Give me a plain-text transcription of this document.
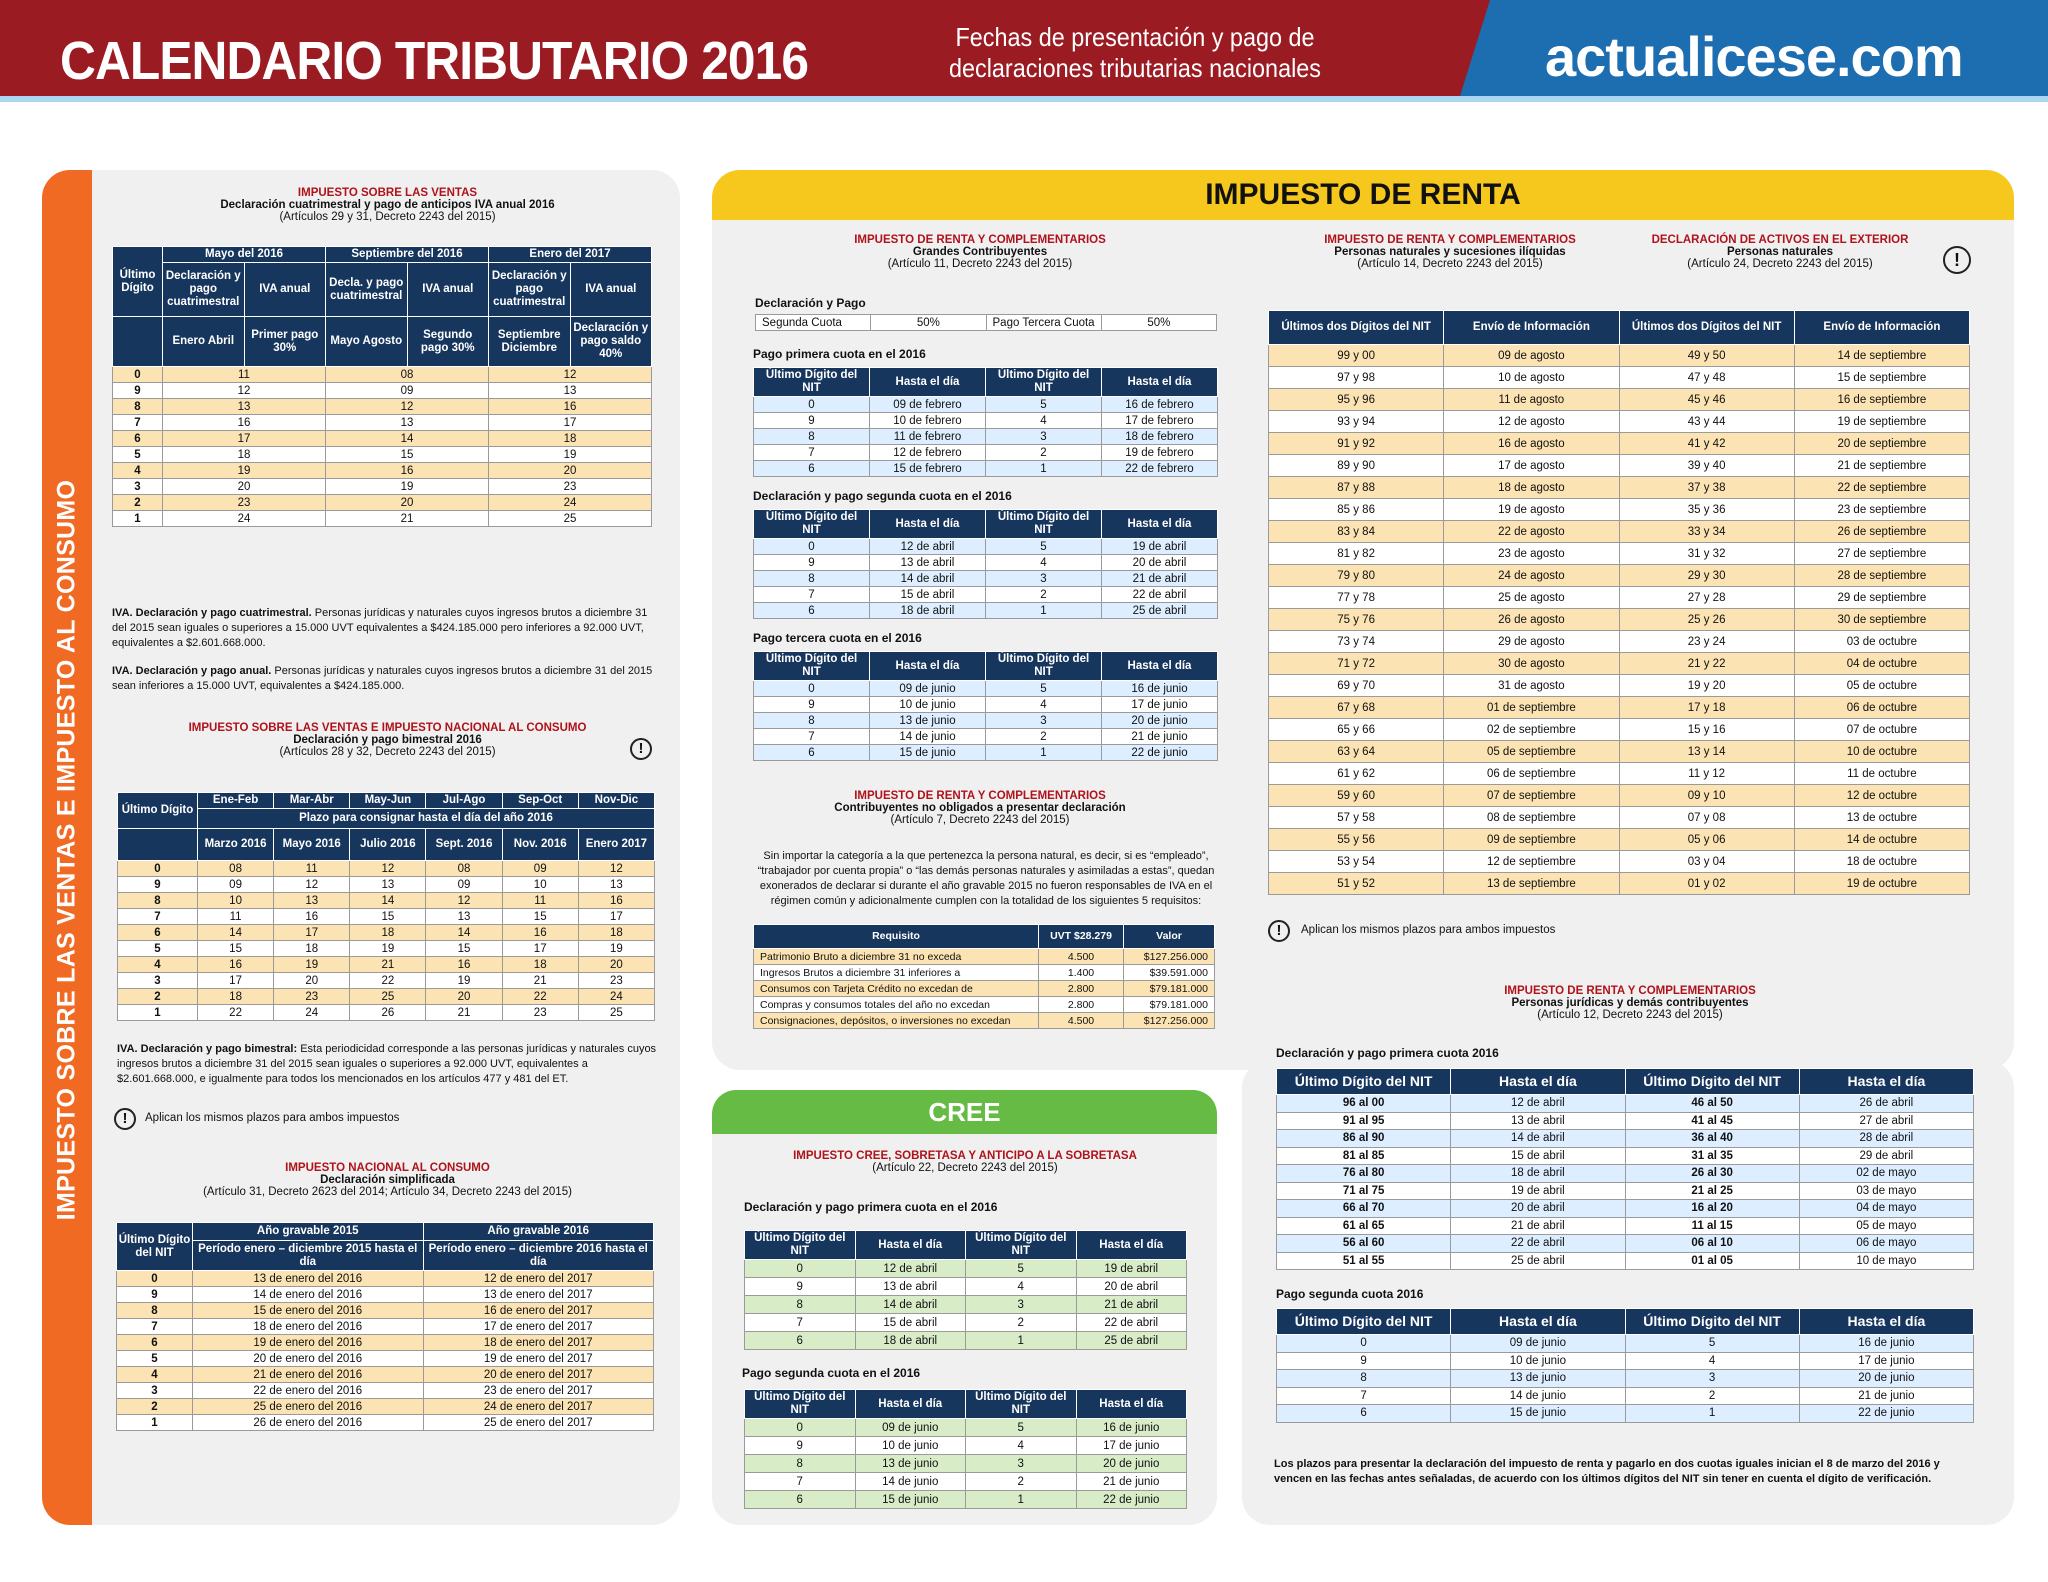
CALENDARIO TRIBUTARIO 2016	Fechas de presentación y pago de
declaraciones tributarias nacionales	actualicese.com
IMPUESTO SOBRE LAS VENTAS E IMPUESTO AL CONSUMO
IMPUESTO DE RENTA
CREE
IMPUESTO SOBRE LAS VENTAS
Declaración cuatrimestral y pago de anticipos IVA anual 2016
(Artículos 29 y 31, Decreto 2243 del 2015)
Último Dígito	Mayo del 2016		Septiembre del 2016		Enero del 2017	
	Declaración y pago cuatrimestral	IVA anual	Decla. y pago cuatrimestral	IVA anual	Declaración y pago cuatrimestral	IVA anual
	Enero Abril	Primer pago 30%	Mayo Agosto	Segundo pago 30%	Septiembre Diciembre	Declaración y pago saldo 40%
0	11		08		12	
9	12		09		13	
8	13		12		16	
7	16		13		17	
6	17		14		18	
5	18		15		19	
4	19		16		20	
3	20		19		23	
2	23		20		24	
1	24		21		25	
IVA. Declaración y pago cuatrimestral. Personas jurídicas y naturales cuyos ingresos brutos a diciembre 31 del 2015 sean iguales o superiores a 15.000 UVT equivalentes a $424.185.000 pero inferiores a 92.000 UVT, equivalentes a $2.601.668.000.
IVA. Declaración y pago anual. Personas jurídicas y naturales cuyos ingresos brutos a diciembre 31 del 2015 sean inferiores a 15.000 UVT, equivalentes a $424.185.000.
IMPUESTO SOBRE LAS VENTAS E IMPUESTO NACIONAL AL CONSUMO
Declaración y pago bimestral 2016
(Artículos 28 y 32, Decreto 2243 del 2015)	!
Último Dígito	Ene-Feb	Mar-Abr	May-Jun	Jul-Ago	Sep-Oct	Nov-Dic
	Plazo para consignar hasta el día del año 2016					
	Marzo 2016	Mayo 2016	Julio 2016	Sept. 2016	Nov. 2016	Enero 2017
0	08	11	12	08	09	12
9	09	12	13	09	10	13
8	10	13	14	12	11	16
7	11	16	15	13	15	17
6	14	17	18	14	16	18
5	15	18	19	15	17	19
4	16	19	21	16	18	20
3	17	20	22	19	21	23
2	18	23	25	20	22	24
1	22	24	26	21	23	25
IVA. Declaración y pago bimestral: Esta periodicidad corresponde a las personas jurídicas y naturales cuyos ingresos brutos a diciembre 31 del 2015 sean iguales o superiores a 92.000 UVT, equivalentes a $2.601.668.000, e igualmente para todos los mencionados en los artículos 477 y 481 del ET.
!	Aplican los mismos plazos para ambos impuestos
IMPUESTO NACIONAL AL CONSUMO
Declaración simplificada
(Artículo 31, Decreto 2623 del 2014; Artículo 34, Decreto 2243 del 2015)
Último Dígito del NIT	Año gravable 2015	Año gravable 2016
	Período enero – diciembre 2015 hasta el día	Período enero – diciembre 2016 hasta el día
0	13 de enero del 2016	12 de enero del 2017
9	14 de enero del 2016	13 de enero del 2017
8	15 de enero del 2016	16 de enero del 2017
7	18 de enero del 2016	17 de enero del 2017
6	19 de enero del 2016	18 de enero del 2017
5	20 de enero del 2016	19 de enero del 2017
4	21 de enero del 2016	20 de enero del 2017
3	22 de enero del 2016	23 de enero del 2017
2	25 de enero del 2016	24 de enero del 2017
1	26 de enero del 2016	25 de enero del 2017
IMPUESTO DE RENTA Y COMPLEMENTARIOS
Grandes Contribuyentes
(Artículo 11, Decreto 2243 del 2015)
Declaración y Pago
Segunda Cuota	50%	Pago Tercera Cuota	50%
Pago primera cuota en el 2016
Último Dígito del NIT	Hasta el día	Último Dígito del NIT	Hasta el día
0	09 de febrero	5	16 de febrero
9	10 de febrero	4	17 de febrero
8	11 de febrero	3	18 de febrero
7	12 de febrero	2	19 de febrero
6	15 de febrero	1	22 de febrero
Declaración y pago segunda cuota en el 2016
Último Dígito del NIT	Hasta el día	Último Dígito del NIT	Hasta el día
0	12 de abril	5	19 de abril
9	13 de abril	4	20 de abril
8	14 de abril	3	21 de abril
7	15 de abril	2	22 de abril
6	18 de abril	1	25 de abril
Pago tercera cuota en el 2016
Último Dígito del NIT	Hasta el día	Último Dígito del NIT	Hasta el día
0	09 de junio	5	16 de junio
9	10 de junio	4	17 de junio
8	13 de junio	3	20 de junio
7	14 de junio	2	21 de junio
6	15 de junio	1	22 de junio
IMPUESTO DE RENTA Y COMPLEMENTARIOS
Contribuyentes no obligados a presentar declaración
(Artículo 7, Decreto 2243 del 2015)
Sin importar la categoría a la que pertenezca la persona natural, es decir, si es “empleado”, “trabajador por cuenta propia” o “las demás personas naturales y asimiladas a estas”, quedan exonerados de declarar si durante el año gravable 2015 no fueron responsables de IVA en el régimen común y adicionalmente cumplen con la totalidad de los siguientes 5 requisitos:
Requisito	UVT $28.279	Valor
Patrimonio Bruto a diciembre 31 no exceda	4.500	$127.256.000
Ingresos Brutos a diciembre 31 inferiores a	1.400	$39.591.000
Consumos con Tarjeta Crédito no excedan de	2.800	$79.181.000
Compras y consumos totales del año no excedan	2.800	$79.181.000
Consignaciones, depósitos, o inversiones no excedan	4.500	$127.256.000
IMPUESTO DE RENTA Y COMPLEMENTARIOS
Personas naturales y sucesiones ilíquidas
(Artículo 14, Decreto 2243 del 2015)
DECLARACIÓN DE ACTIVOS EN EL EXTERIOR
Personas naturales
(Artículo 24, Decreto 2243 del 2015)	!
Últimos dos Dígitos del NIT	Envío de Información	Últimos dos Dígitos del NIT	Envío de Información
99 y 00	09 de agosto	49 y 50	14 de septiembre
97 y 98	10 de agosto	47 y 48	15 de septiembre
95 y 96	11 de agosto	45 y 46	16 de septiembre
93 y 94	12 de agosto	43 y 44	19 de septiembre
91 y 92	16 de agosto	41 y 42	20 de septiembre
89 y 90	17 de agosto	39 y 40	21 de septiembre
87 y 88	18 de agosto	37 y 38	22 de septiembre
85 y 86	19 de agosto	35 y 36	23 de septiembre
83 y 84	22 de agosto	33 y 34	26 de septiembre
81 y 82	23 de agosto	31 y 32	27 de septiembre
79 y 80	24 de agosto	29 y 30	28 de septiembre
77 y 78	25 de agosto	27 y 28	29 de septiembre
75 y 76	26 de agosto	25 y 26	30 de septiembre
73 y 74	29 de agosto	23 y 24	03 de octubre
71 y 72	30 de agosto	21 y 22	04 de octubre
69 y 70	31 de agosto	19 y 20	05 de octubre
67 y 68	01 de septiembre	17 y 18	06 de octubre
65 y 66	02 de septiembre	15 y 16	07 de octubre
63 y 64	05 de septiembre	13 y 14	10 de octubre
61 y 62	06 de septiembre	11 y 12	11 de octubre
59 y 60	07 de septiembre	09 y 10	12 de octubre
57 y 58	08 de septiembre	07 y 08	13 de octubre
55 y 56	09 de septiembre	05 y 06	14 de octubre
53 y 54	12 de septiembre	03 y 04	18 de octubre
51 y 52	13 de septiembre	01 y 02	19 de octubre
!	Aplican los mismos plazos para ambos impuestos
IMPUESTO DE RENTA Y COMPLEMENTARIOS
Personas jurídicas y demás contribuyentes
(Artículo 12, Decreto 2243 del 2015)
Declaración y pago primera cuota 2016
Último Dígito del NIT	Hasta el día	Último Dígito del NIT	Hasta el día
96 al 00	12 de abril	46 al 50	26 de abril
91 al 95	13 de abril	41 al 45	27 de abril
86 al 90	14 de abril	36 al 40	28 de abril
81 al 85	15 de abril	31 al 35	29 de abril
76 al 80	18 de abril	26 al 30	02 de mayo
71 al 75	19 de abril	21 al 25	03 de mayo
66 al 70	20 de abril	16 al 20	04 de mayo
61 al 65	21 de abril	11 al 15	05 de mayo
56 al 60	22 de abril	06 al 10	06 de mayo
51 al 55	25 de abril	01 al 05	10 de mayo
Pago segunda cuota 2016
Último Dígito del NIT	Hasta el día	Último Dígito del NIT	Hasta el día
0	09 de junio	5	16 de junio
9	10 de junio	4	17 de junio
8	13 de junio	3	20 de junio
7	14 de junio	2	21 de junio
6	15 de junio	1	22 de junio
Los plazos para presentar la declaración del impuesto de renta y pagarlo en dos cuotas iguales inician el 8 de marzo del 2016 y vencen en las fechas antes señaladas, de acuerdo con los últimos dígitos del NIT sin tener en cuenta el dígito de verificación.
IMPUESTO CREE, SOBRETASA Y ANTICIPO A LA SOBRETASA
(Artículo 22, Decreto 2243 del 2015)
Declaración y pago primera cuota en el 2016
Último Dígito del NIT	Hasta el día	Último Dígito del NIT	Hasta el día
0	12 de abril	5	19 de abril
9	13 de abril	4	20 de abril
8	14 de abril	3	21 de abril
7	15 de abril	2	22 de abril
6	18 de abril	1	25 de abril
Pago segunda cuota en el 2016
Último Dígito del NIT	Hasta el día	Último Dígito del NIT	Hasta el día
0	09 de junio	5	16 de junio
9	10 de junio	4	17 de junio
8	13 de junio	3	20 de junio
7	14 de junio	2	21 de junio
6	15 de junio	1	22 de junio
